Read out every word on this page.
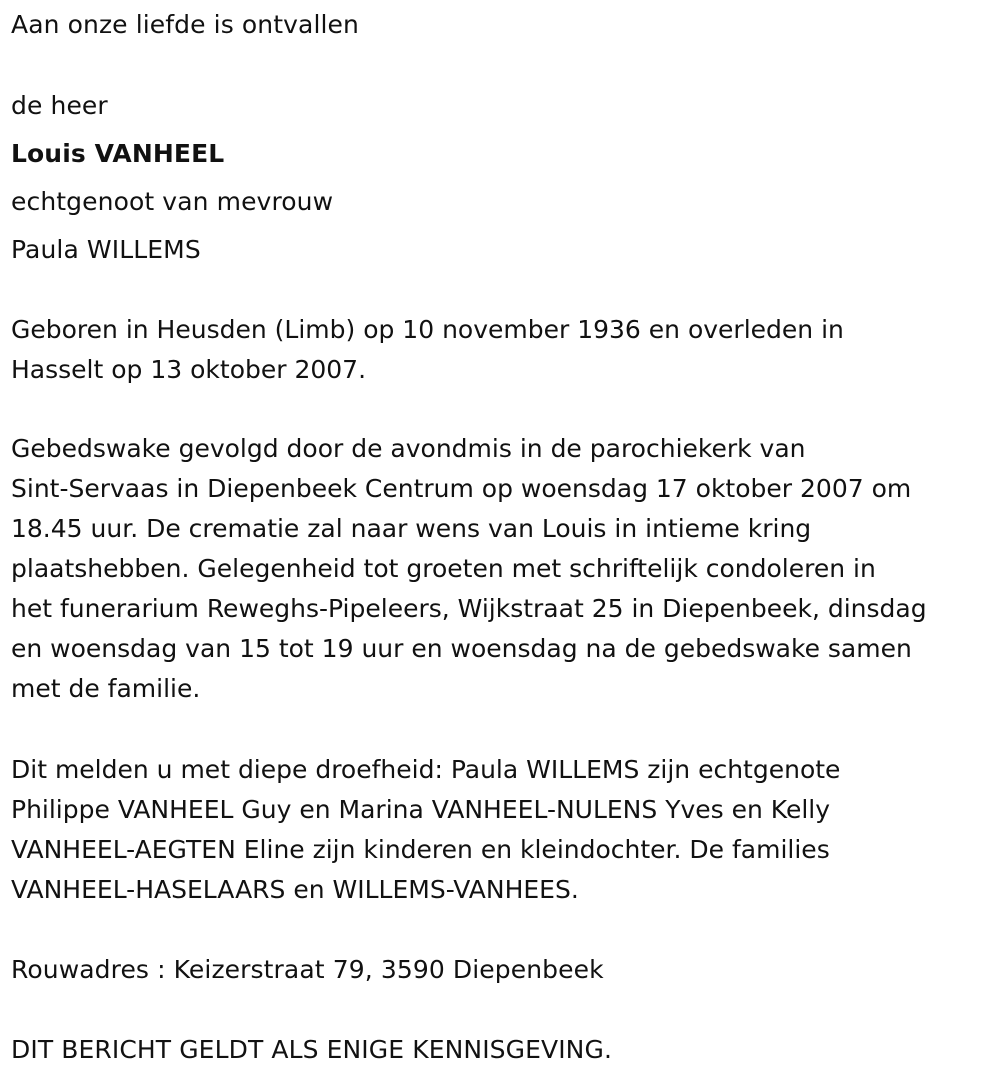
Aan onze liefde is ontvallen
de heer
Louis VANHEEL
echtgenoot van mevrouw
Paula WILLEMS
Geboren in Heusden (Limb) op 10 november 1936 en overleden in
Hasselt op 13 oktober 2007.
Gebedswake gevolgd door de avondmis in de parochiekerk van
Sint-Servaas in Diepenbeek Centrum op woensdag 17 oktober 2007 om
18.45 uur. De crematie zal naar wens van Louis in intieme kring
plaatshebben. Gelegenheid tot groeten met schriftelijk condoleren in
het funerarium Reweghs-Pipeleers, Wijkstraat 25 in Diepenbeek, dinsdag
en woensdag van 15 tot 19 uur en woensdag na de gebedswake samen
met de familie.
Dit melden u met diepe droefheid: Paula WILLEMS zijn echtgenote
Philippe VANHEEL Guy en Marina VANHEEL-NULENS Yves en Kelly
VANHEEL-AEGTEN Eline zijn kinderen en kleindochter. De families
VANHEEL-HASELAARS en WILLEMS-VANHEES.
Rouwadres : Keizerstraat 79, 3590 Diepenbeek
DIT BERICHT GELDT ALS ENIGE KENNISGEVING.
